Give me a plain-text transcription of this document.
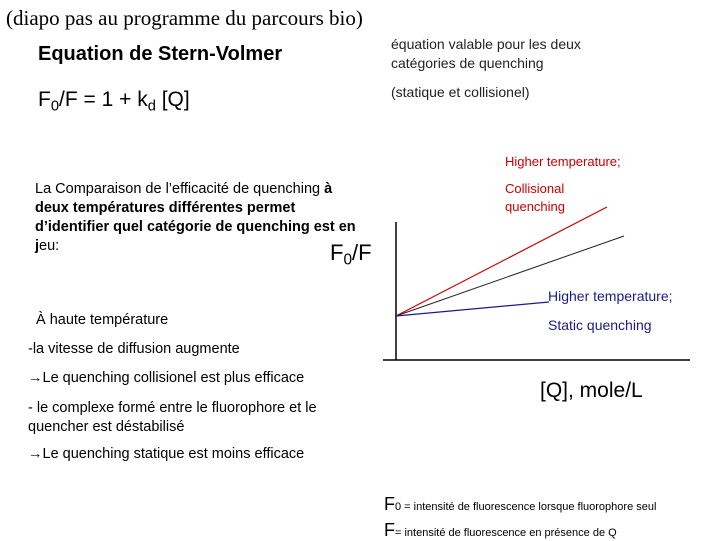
(diapo pas au programme du parcours bio)
Equation de Stern-Volmer
$F_0/F = 1 + k_d$ [Q]
équation valable pour les deux
catégories de quenching
(statique et collisionel)
La Comparaison de l’efficacité de quenching à
deux températures différentes permet
d’identifier quel catégorie de quenching est en
jeu:	$F_0/F$
Higher temperature;
Collisional
quenching
Higher temperature;
Static quenching
[Q], mole/L
À haute température
-la vitesse de diffusion augmente
→Le quenching collisionel est plus efficace
- le complexe formé entre le fluorophore et le
quencher est déstabilisé
→Le quenching statique est moins efficace
F0 = intensité de fluorescence lorsque fluorophore seul
F= intensité de fluorescence en présence de Q
